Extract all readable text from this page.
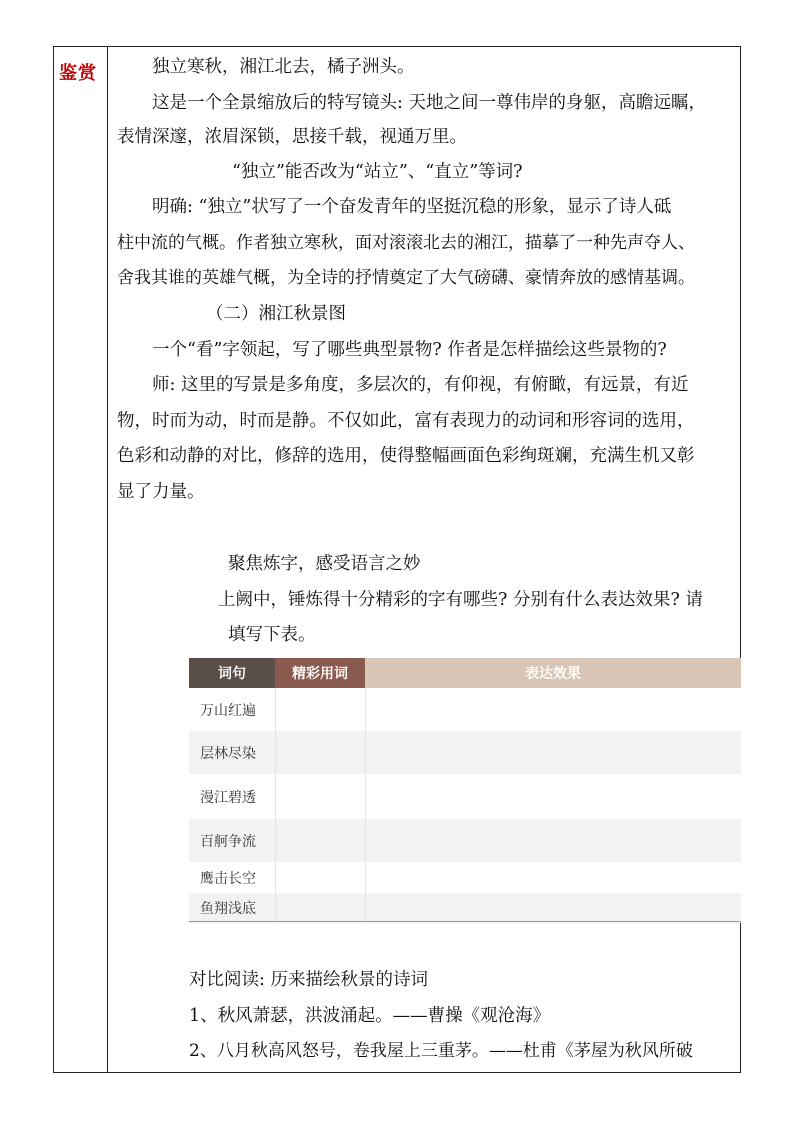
鉴赏	独立寒秋，湘江北去，橘子洲头。
这是一个全景缩放后的特写镜头: 天地之间一尊伟岸的身躯，高瞻远瞩，
表情深邃，浓眉深锁，思接千载，视通万里。
“独立”能否改为“站立”、“直立”等词?
明确: “独立”状写了一个奋发青年的坚挺沉稳的形象，显示了诗人砥
柱中流的气概。作者独立寒秋，面对滚滚北去的湘江，描摹了一种先声夺人、
舍我其谁的英雄气概，为全诗的抒情奠定了大气磅礴、豪情奔放的感情基调。
（二）湘江秋景图
一个“看”字领起，写了哪些典型景物? 作者是怎样描绘这些景物的?
师: 这里的写景是多角度，多层次的，有仰视，有俯瞰，有远景，有近
物，时而为动，时而是静。不仅如此，富有表现力的动词和形容词的选用，
色彩和动静的对比，修辞的选用，使得整幅画面色彩绚斑斓，充满生机又彰
显了力量。
聚焦炼字，感受语言之妙
上阙中，锤炼得十分精彩的字有哪些? 分别有什么表达效果? 请
填写下表。
词句	精彩用词	表达效果
万山红遍		
层林尽染		
漫江碧透		
百舸争流		
鹰击长空		
鱼翔浅底		
对比阅读: 历来描绘秋景的诗词
1、秋风萧瑟，洪波涌起。——曹操《观沧海》
2、八月秋高风怒号，卷我屋上三重茅。——杜甫《茅屋为秋风所破
